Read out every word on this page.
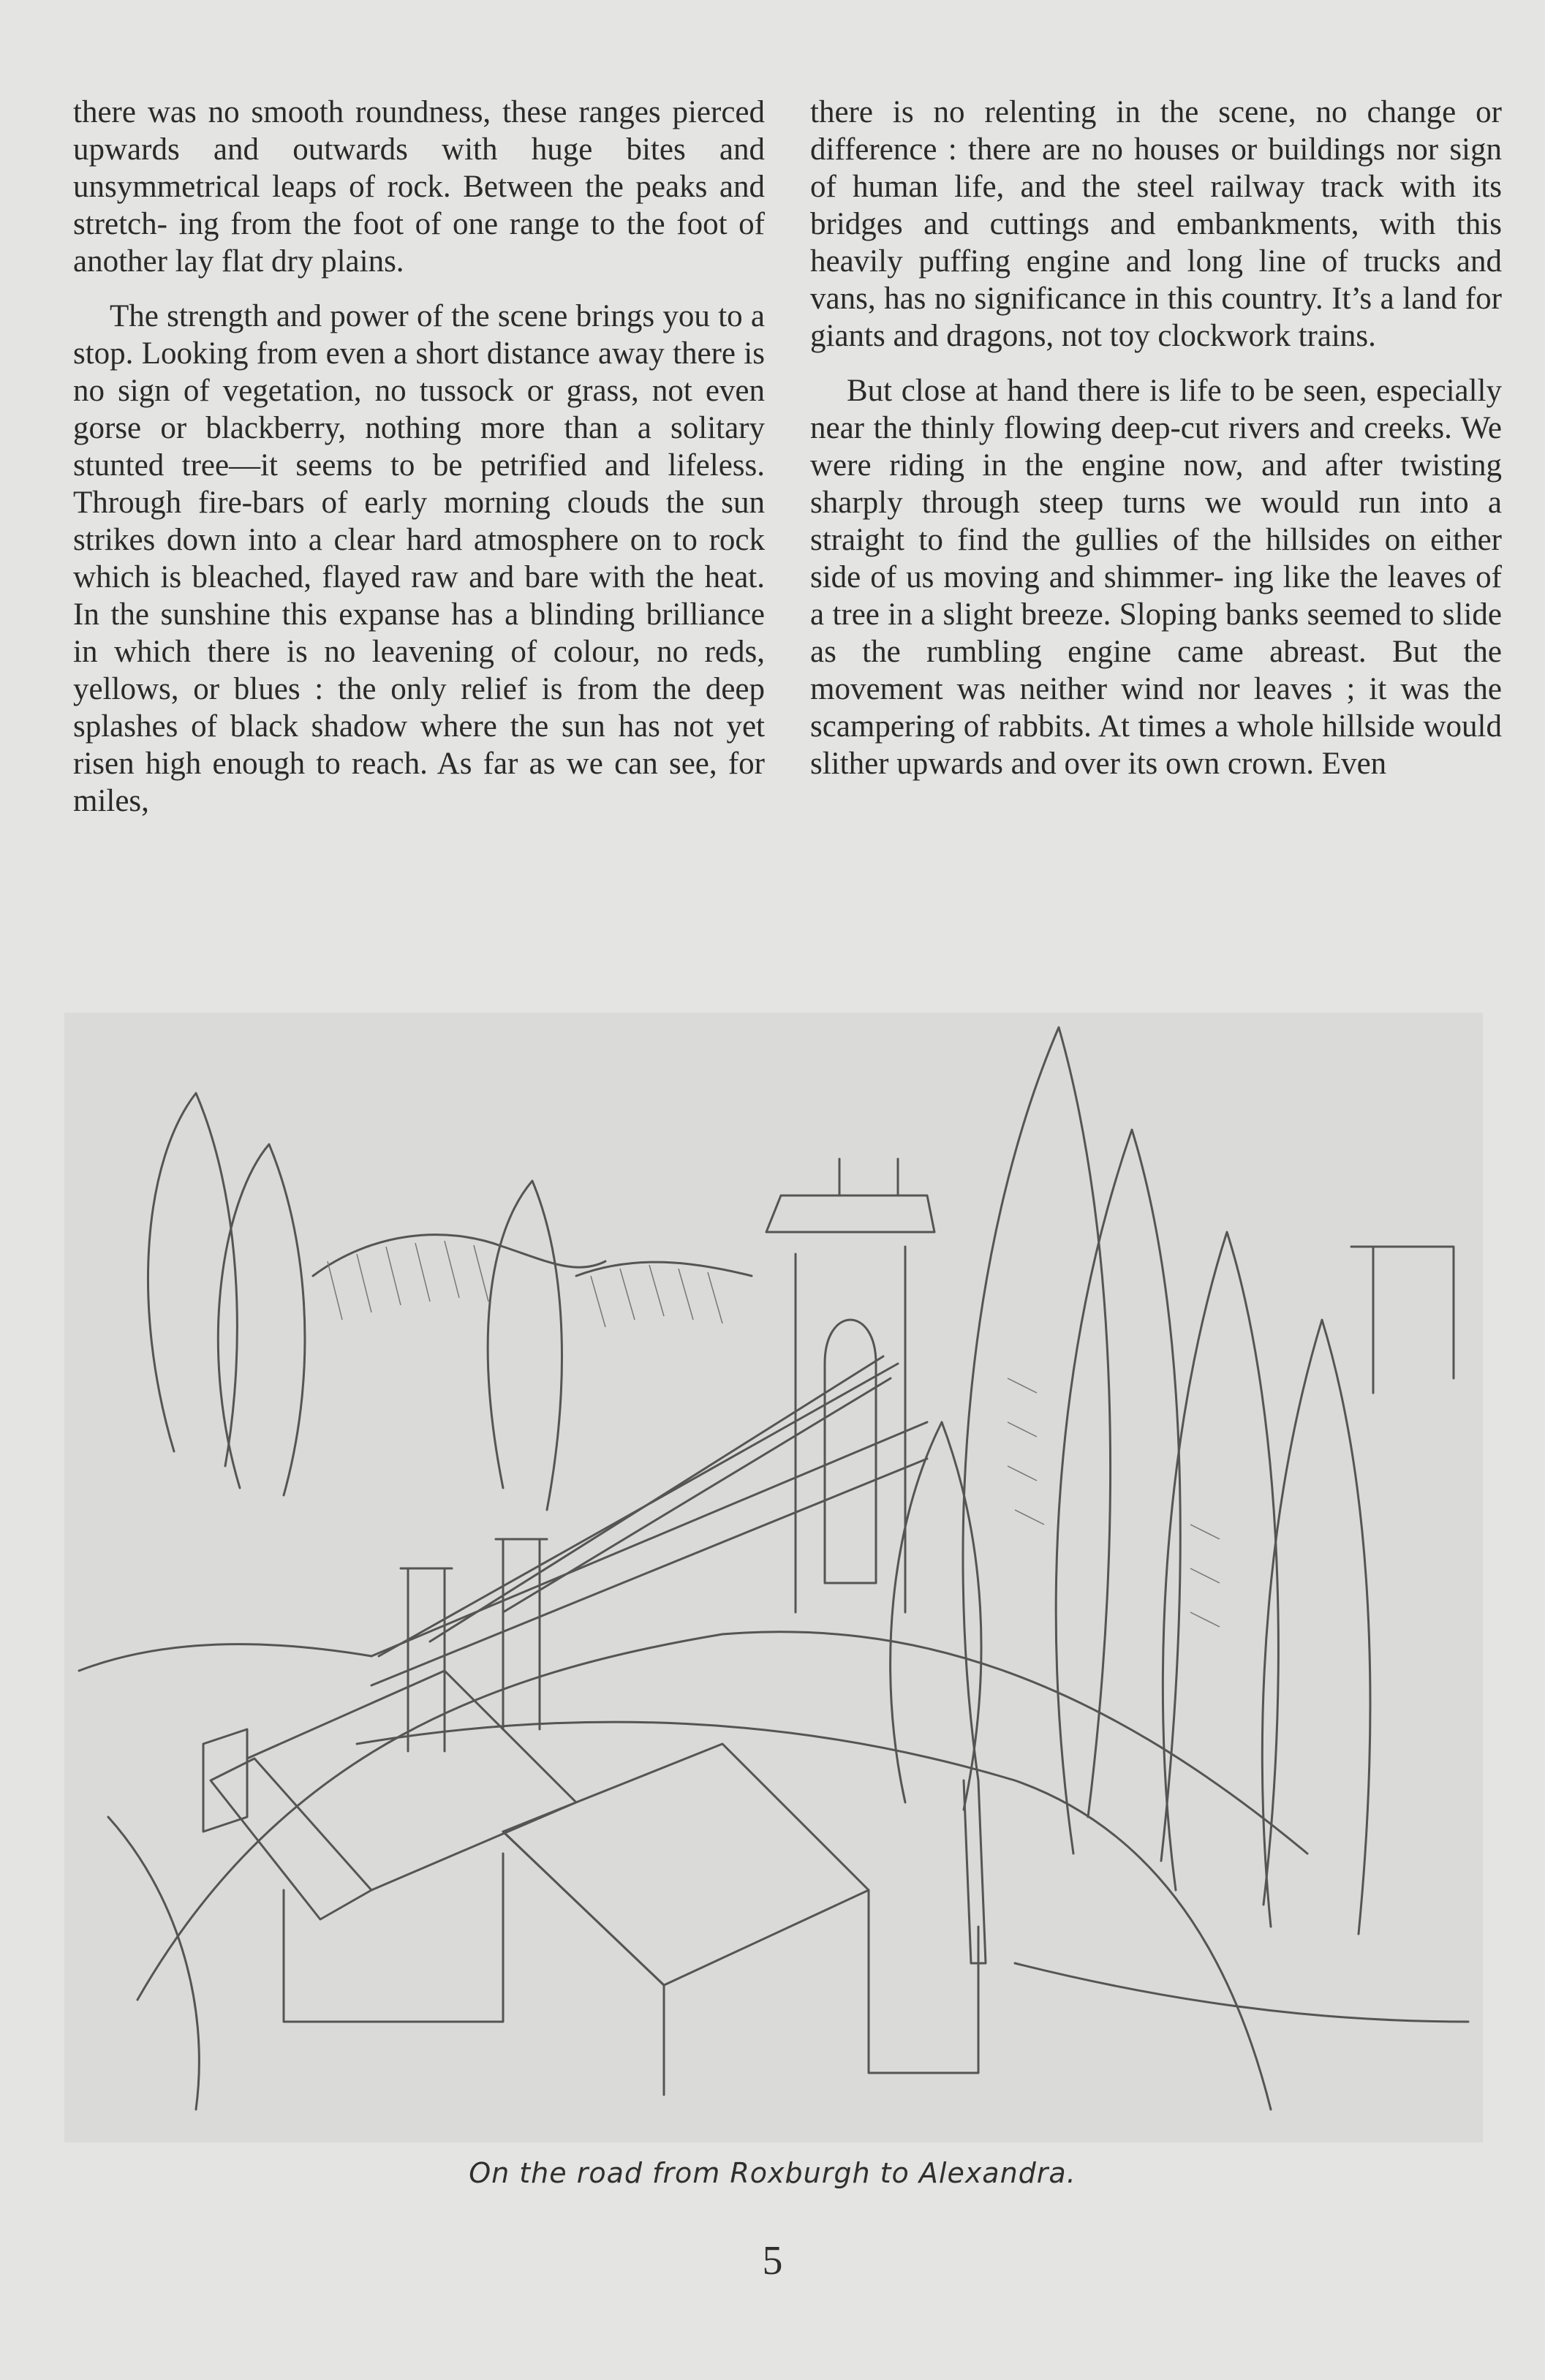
there was no smooth roundness, these ranges pierced upwards and outwards with huge bites and unsymmetrical leaps of rock. Between the peaks and stretch- ing from the foot of one range to the foot of another lay flat dry plains.

The strength and power of the scene brings you to a stop. Looking from even a short distance away there is no sign of vegetation, no tussock or grass, not even gorse or blackberry, nothing more than a solitary stunted tree—it seems to be petrified and lifeless. Through fire-bars of early morning clouds the sun strikes down into a clear hard atmosphere on to rock which is bleached, flayed raw and bare with the heat. In the sunshine this expanse has a blinding brilliance in which there is no leavening of colour, no reds, yellows, or blues : the only relief is from the deep splashes of black shadow where the sun has not yet risen high enough to reach. As far as we can see, for miles,

there is no relenting in the scene, no change or difference : there are no houses or buildings nor sign of human life, and the steel railway track with its bridges and cuttings and embankments, with this heavily puffing engine and long line of trucks and vans, has no significance in this country. It’s a land for giants and dragons, not toy clockwork trains.

But close at hand there is life to be seen, especially near the thinly flowing deep-cut rivers and creeks. We were riding in the engine now, and after twisting sharply through steep turns we would run into a straight to find the gullies of the hillsides on either side of us moving and shimmer- ing like the leaves of a tree in a slight breeze. Sloping banks seemed to slide as the rumbling engine came abreast. But the movement was neither wind nor leaves ; it was the scampering of rabbits. At times a whole hillside would slither upwards and over its own crown. Even

On the road from Roxburgh to Alexandra.
5
